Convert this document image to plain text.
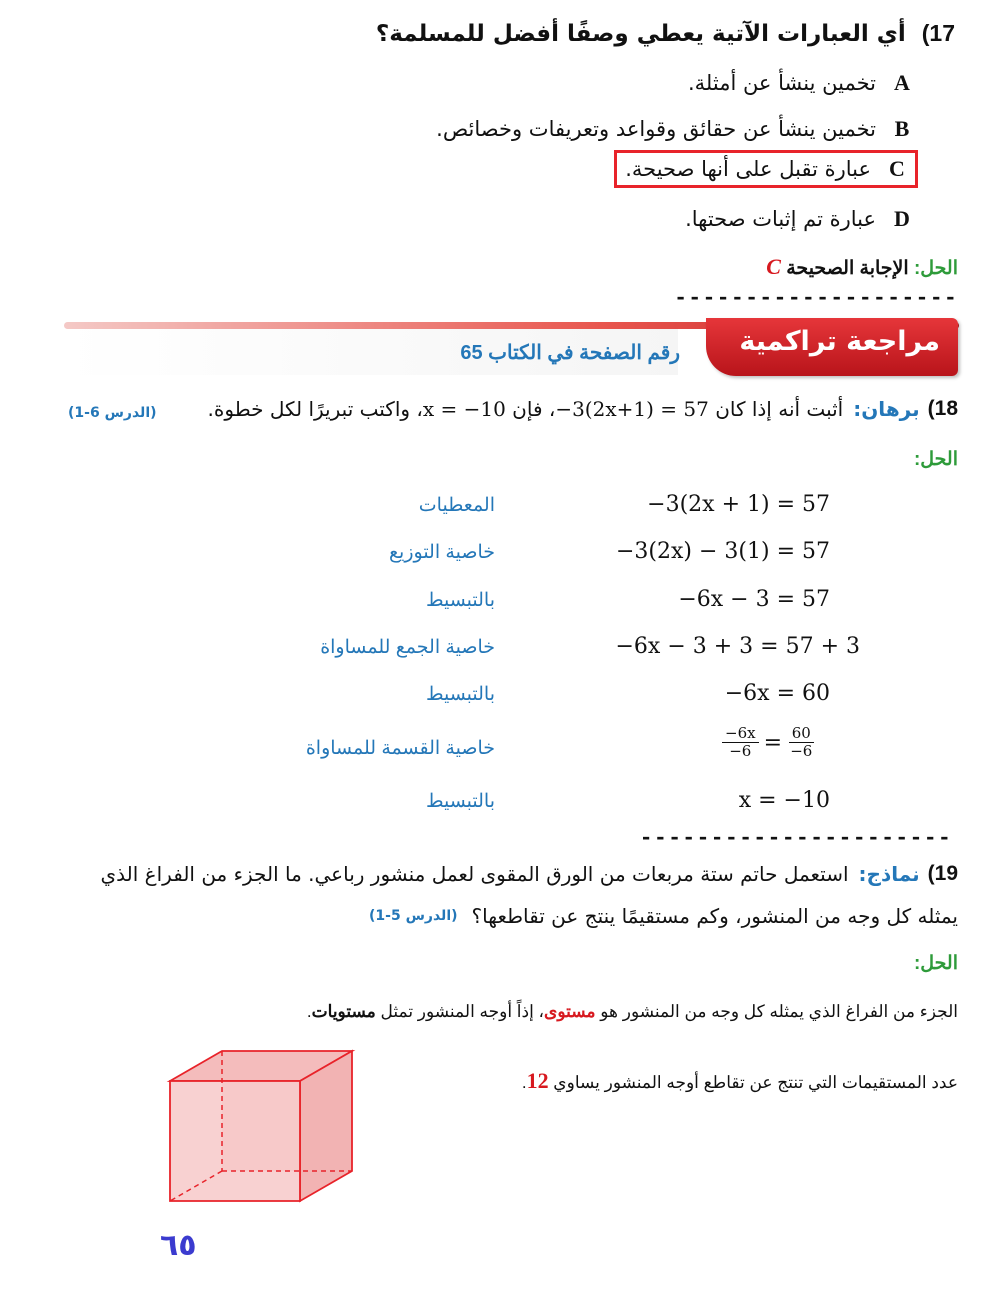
17) أي العبارات الآتية يعطي وصفًا أفضل للمسلمة؟
A
تخمين ينشأ عن أمثلة.
B
تخمين ينشأ عن حقائق وقواعد وتعريفات وخصائص.
C
عبارة تقبل على أنها صحيحة.
D
عبارة تم إثبات صحتها.
الحل: الإجابة الصحيحة C
--------------------
مراجعة تراكمية
رقم الصفحة في الكتاب 65
18)
برهان:
أثبت أنه إذا كان

−3(2x+1) = 57
، فإن

x = −10
، واكتب تبريرًا لكل خطوة.
(الدرس 6-1)
الحل:
−3(2x + 1) = 57
المعطيات
−3(2x) − 3(1) = 57
خاصية التوزيع
−6x − 3 = 57
بالتبسيط
−6x − 3 + 3 = 57 + 3
خاصية الجمع للمساواة
−6x = 60
بالتبسيط
$\frac{-6x}{-6} = \frac{60}{-6}$
خاصية القسمة للمساواة
x = −10
بالتبسيط
----------------------
19)
نماذج:
استعمل حاتم ستة مربعات من الورق المقوى لعمل منشور رباعي. ما الجزء من الفراغ الذي
يمثله كل وجه من المنشور، وكم مستقيمًا ينتج عن تقاطعها؟
(الدرس 5-1)
الحل:
الجزء من الفراغ الذي يمثله كل وجه من المنشور هو مستوى، إذاً أوجه المنشور تمثل مستويات.
عدد المستقيمات التي تنتج عن تقاطع أوجه المنشور يساوي 12.
٦٥
